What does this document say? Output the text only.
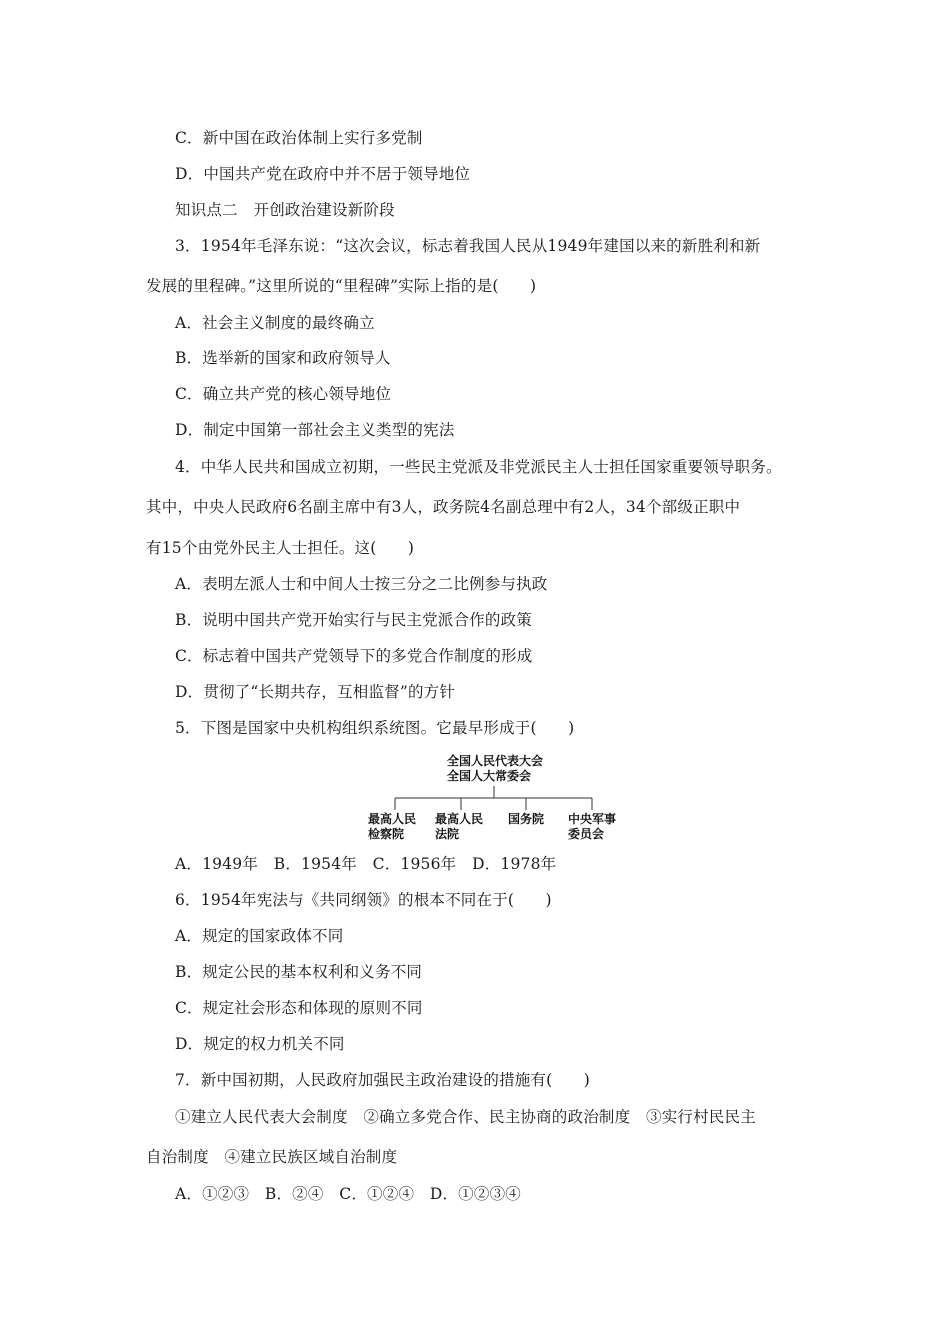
C．新中国在政治体制上实行多党制
D．中国共产党在政府中并不居于领导地位
知识点二　开创政治建设新阶段
3．1954年毛泽东说：“这次会议，标志着我国人民从1949年建国以来的新胜利和新
发展的里程碑。”这里所说的“里程碑”实际上指的是(　　)
A．社会主义制度的最终确立
B．选举新的国家和政府领导人
C．确立共产党的核心领导地位
D．制定中国第一部社会主义类型的宪法
4．中华人民共和国成立初期，一些民主党派及非党派民主人士担任国家重要领导职务。
其中，中央人民政府6名副主席中有3人，政务院4名副总理中有2人，34个部级正职中
有15个由党外民主人士担任。这(　　)
A．表明左派人士和中间人士按三分之二比例参与执政
B．说明中国共产党开始实行与民主党派合作的政策
C．标志着中国共产党领导下的多党合作制度的形成
D．贯彻了“长期共存，互相监督”的方针
5．下图是国家中央机构组织系统图。它最早形成于(　　)
全国人民代表大会
全国人大常委会
最高人民
检察院
最高人民
法院
国务院 中央军事
委员会
A．1949年　B．1954年　C．1956年　D．1978年
6．1954年宪法与《共同纲领》的根本不同在于(　　)
A．规定的国家政体不同
B．规定公民的基本权利和义务不同
C．规定社会形态和体现的原则不同
D．规定的权力机关不同
7．新中国初期，人民政府加强民主政治建设的措施有(　　)
①建立人民代表大会制度　②确立多党合作、民主协商的政治制度　③实行村民民主
自治制度　④建立民族区域自治制度
A．①②③　B．②④　C．①②④　D．①②③④
